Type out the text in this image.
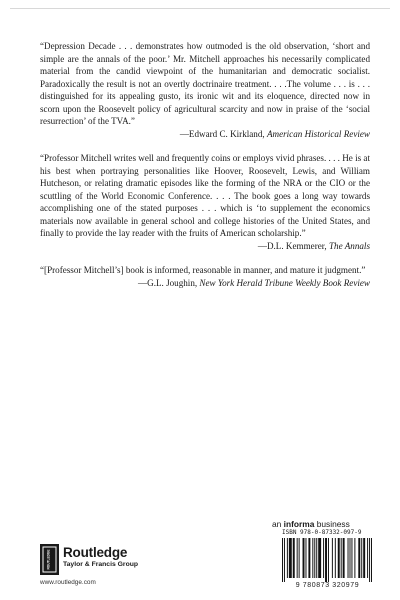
“Depression Decade . . . demonstrates how outmoded is the old observation, ‘short and simple are the annals of the poor.’ Mr. Mitchell approaches his necessarily complicated material from the candid viewpoint of the humanitarian and democratic socialist. Paradoxically the result is not an overtly doctrinaire treatment. . . .The volume . . . is . . . distinguished for its appealing gusto, its ironic wit and its eloquence, directed now in scorn upon the Roosevelt policy of agricultural scarcity and now in praise of the ‘social resurrection’ of the TVA.”

—Edward C. Kirkland, American Historical Review

“Professor Mitchell writes well and frequently coins or employs vivid phrases. . . . He is at his best when portraying personalities like Hoover, Roosevelt, Lewis, and William Hutcheson, or relating dramatic episodes like the forming of the NRA or the CIO or the scuttling of the World Economic Conference. . . . The book goes a long way towards accomplishing one of the stated purposes . . . which is ‘to supplement the economics materials now available in general school and college histories of the United States, and finally to provide the lay reader with the fruits of American scholarship.”

—D.L. Kemmerer, The Annals

“[Professor Mitchell’s] book is informed, reasonable in manner, and mature it judgment.”

—G.L. Joughin, New York Herald Tribune Weekly Book Review

an informa business
ROUTLEDGE Routledge
Taylor & Francis Group
www.routledge.com
ISBN 978-0-87332-097-9
9 780873 320979
